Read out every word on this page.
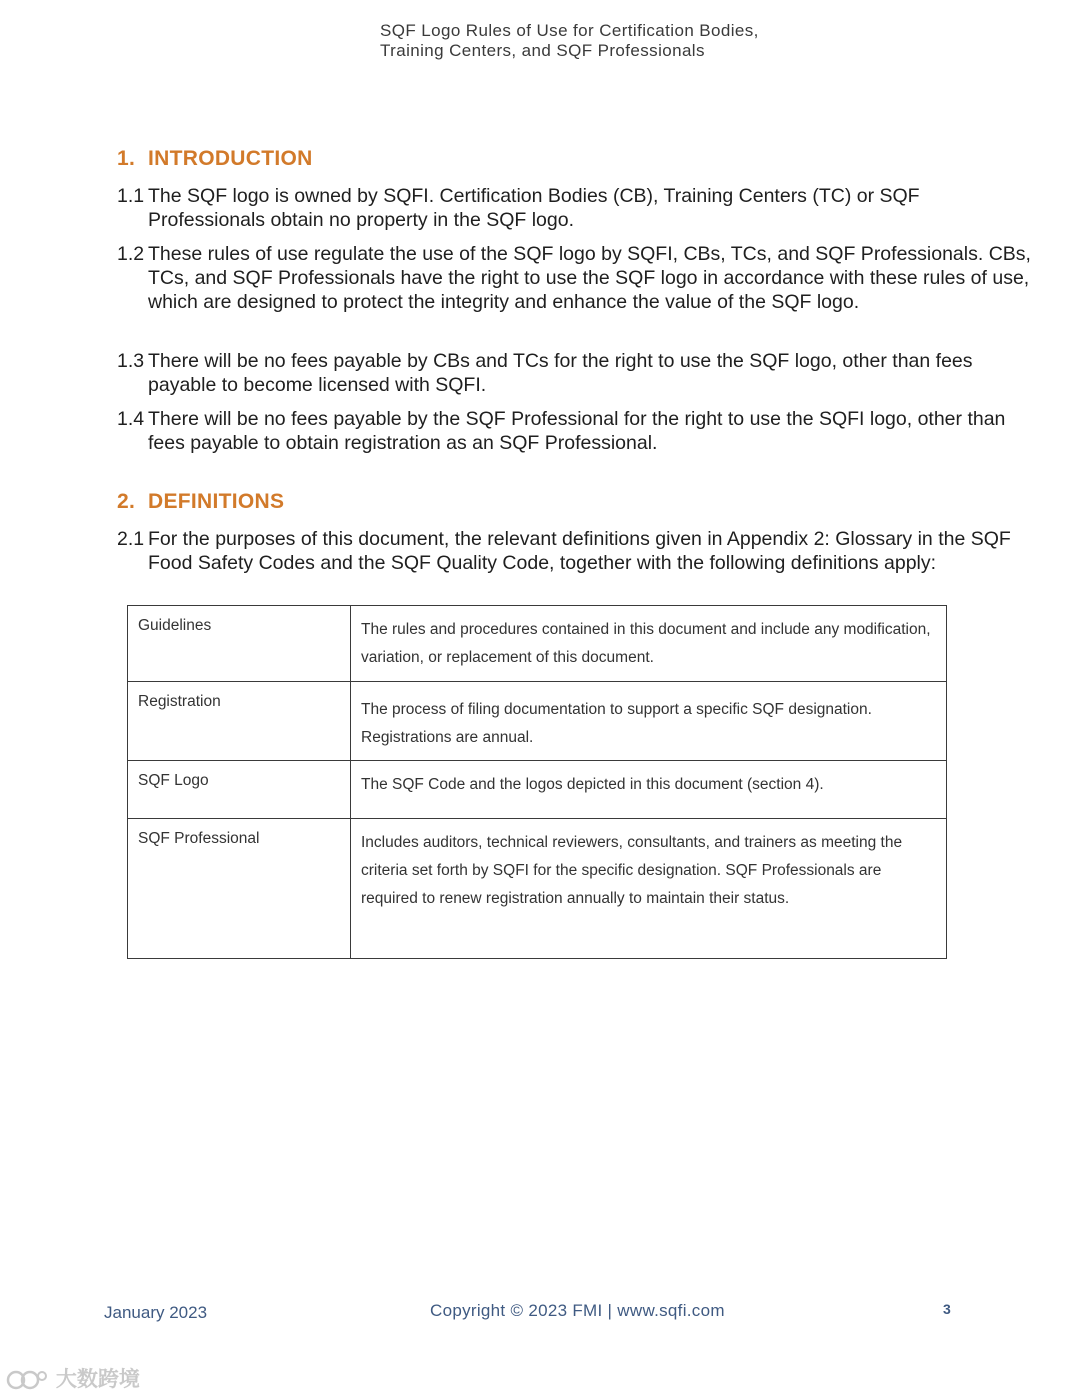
SQF Logo Rules of Use for Certification Bodies,
Training Centers, and SQF Professionals
1. INTRODUCTION
1.1 The SQF logo is owned by SQFI. Certification Bodies (CB), Training Centers (TC) or SQF Professionals obtain no property in the SQF logo.
1.2 These rules of use regulate the use of the SQF logo by SQFI, CBs, TCs, and SQF Professionals. CBs, TCs, and SQF Professionals have the right to use the SQF logo in accordance with these rules of use, which are designed to protect the integrity and enhance the value of the SQF logo.
1.3 There will be no fees payable by CBs and TCs for the right to use the SQF logo, other than fees payable to become licensed with SQFI.
1.4 There will be no fees payable by the SQF Professional for the right to use the SQFI logo, other than fees payable to obtain registration as an SQF Professional.
2. DEFINITIONS
2.1 For the purposes of this document, the relevant definitions given in Appendix 2: Glossary in the SQF Food Safety Codes and the SQF Quality Code, together with the following definitions apply:
Guidelines	The rules and procedures contained in this document and include any modification, variation, or replacement of this document.
Registration	The process of filing documentation to support a specific SQF designation. Registrations are annual.
SQF Logo	The SQF Code and the logos depicted in this document (section 4).
SQF Professional	Includes auditors, technical reviewers, consultants, and trainers as meeting the criteria set forth by SQFI for the specific designation. SQF Professionals are required to renew registration annually to maintain their status.
January 2023	Copyright © 2023 FMI | www.sqfi.com	3
大数跨境
